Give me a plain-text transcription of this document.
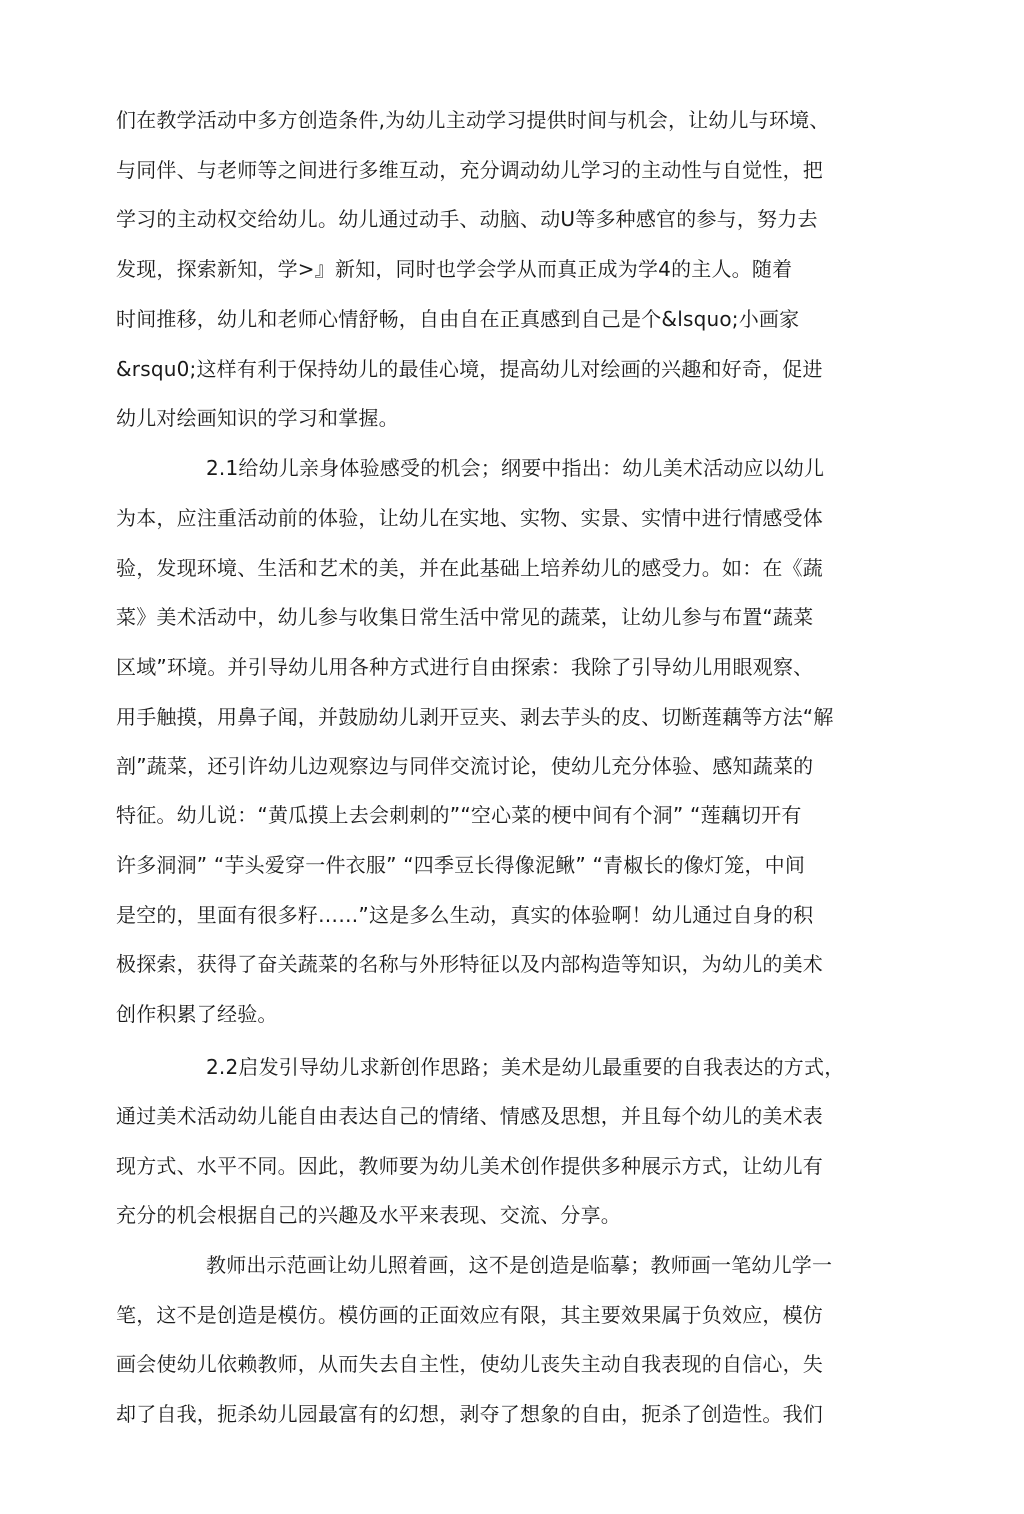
们在教学活动中多方创造条件,为幼儿主动学习提供时间与机会，让幼儿与环境、

与同伴、与老师等之间进行多维互动，充分调动幼儿学习的主动性与自觉性，把

学习的主动权交给幼儿。幼儿通过动手、动脑、动U等多种感官的参与，努力去

发现，探索新知，学>』新知，同时也学会学从而真正成为学4的主人。随着

时间推移，幼儿和老师心情舒畅，自由自在正真感到自己是个&lsquo;小画家

&rsqu0;这样有利于保持幼儿的最佳心境，提高幼儿对绘画的兴趣和好奇，促进

幼儿对绘画知识的学习和掌握。

2.1给幼儿亲身体验感受的机会；纲要中指出：幼儿美术活动应以幼儿

为本，应注重活动前的体验，让幼儿在实地、实物、实景、实情中进行情感受体

验，发现环境、生活和艺术的美，并在此基础上培养幼儿的感受力。如：在《蔬

菜》美术活动中，幼儿参与收集日常生活中常见的蔬菜，让幼儿参与布置“蔬菜

区域”环境。并引导幼儿用各种方式进行自由探索：我除了引导幼儿用眼观察、

用手触摸，用鼻子闻，并鼓励幼儿剥开豆夹、剥去芋头的皮、切断莲藕等方法“解

剖”蔬菜，还引许幼儿边观察边与同伴交流讨论，使幼儿充分体验、感知蔬菜的

特征。幼儿说：“黄瓜摸上去会刺刺的”“空心菜的梗中间有个洞” “莲藕切开有

许多洞洞” “芋头爱穿一件衣服” “四季豆长得像泥鳅” “青椒长的像灯笼，中间

是空的，里面有很多籽……”这是多么生动，真实的体验啊！幼儿通过自身的积

极探索，获得了奋关蔬菜的名称与外形特征以及内部构造等知识，为幼儿的美术

创作积累了经验。

2.2启发引导幼儿求新创作思路；美术是幼儿最重要的自我表达的方式，

通过美术活动幼儿能自由表达自己的情绪、情感及思想，并且每个幼儿的美术表

现方式、水平不同。因此，教师要为幼儿美术创作提供多种展示方式，让幼儿有

充分的机会根据自己的兴趣及水平来表现、交流、分享。

教师出示范画让幼儿照着画，这不是创造是临摹；教师画一笔幼儿学一

笔，这不是创造是模仿。模仿画的正面效应有限，其主要效果属于负效应，模仿

画会使幼儿依赖教师，从而失去自主性，使幼儿丧失主动自我表现的自信心，失

却了自我，扼杀幼儿园最富有的幻想，剥夺了想象的自由，扼杀了创造性。我们
